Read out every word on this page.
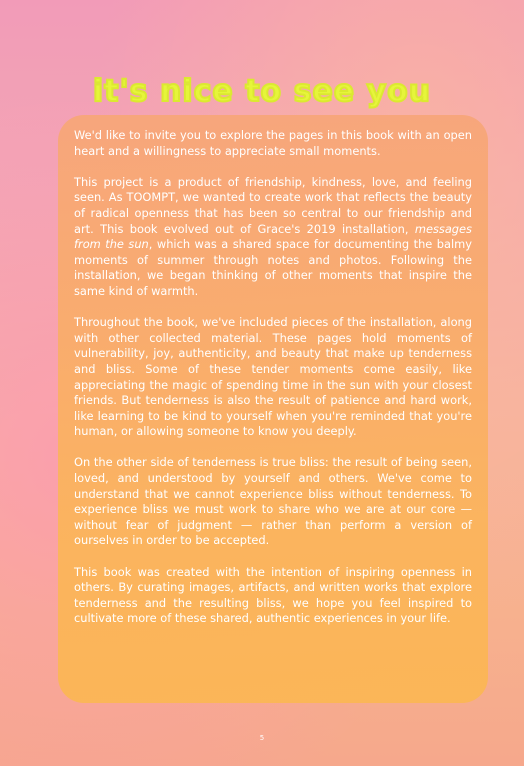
it's nice to see you

We'd like to invite you to explore the pages in this book with an open heart and a willingness to appreciate small moments.

This project is a product of friendship, kindness, love, and feeling seen. As TOOMPT, we wanted to create work that reflects the beauty of radical openness that has been so central to our friendship and art. This book evolved out of Grace's 2019 installation, messages from the sun, which was a shared space for documenting the balmy moments of summer through notes and photos. Following the installation, we began thinking of other moments that inspire the same kind of warmth.

Throughout the book, we've included pieces of the installation, along with other collected material. These pages hold moments of vulnerability, joy, authenticity, and beauty that make up tenderness and bliss. Some of these tender moments come easily, like appreciating the magic of spending time in the sun with your closest friends. But tenderness is also the result of patience and hard work, like learning to be kind to yourself when you're reminded that you're human, or allowing someone to know you deeply.

On the other side of tenderness is true bliss: the result of being seen, loved, and understood by yourself and others. We've come to understand that we cannot experience bliss without tenderness. To experience bliss we must work to share who we are at our core — without fear of judgment — rather than perform a version of ourselves in order to be accepted.

This book was created with the intention of inspiring openness in others. By curating images, artifacts, and written works that explore tenderness and the resulting bliss, we hope you feel inspired to cultivate more of these shared, authentic experiences in your life.

5
